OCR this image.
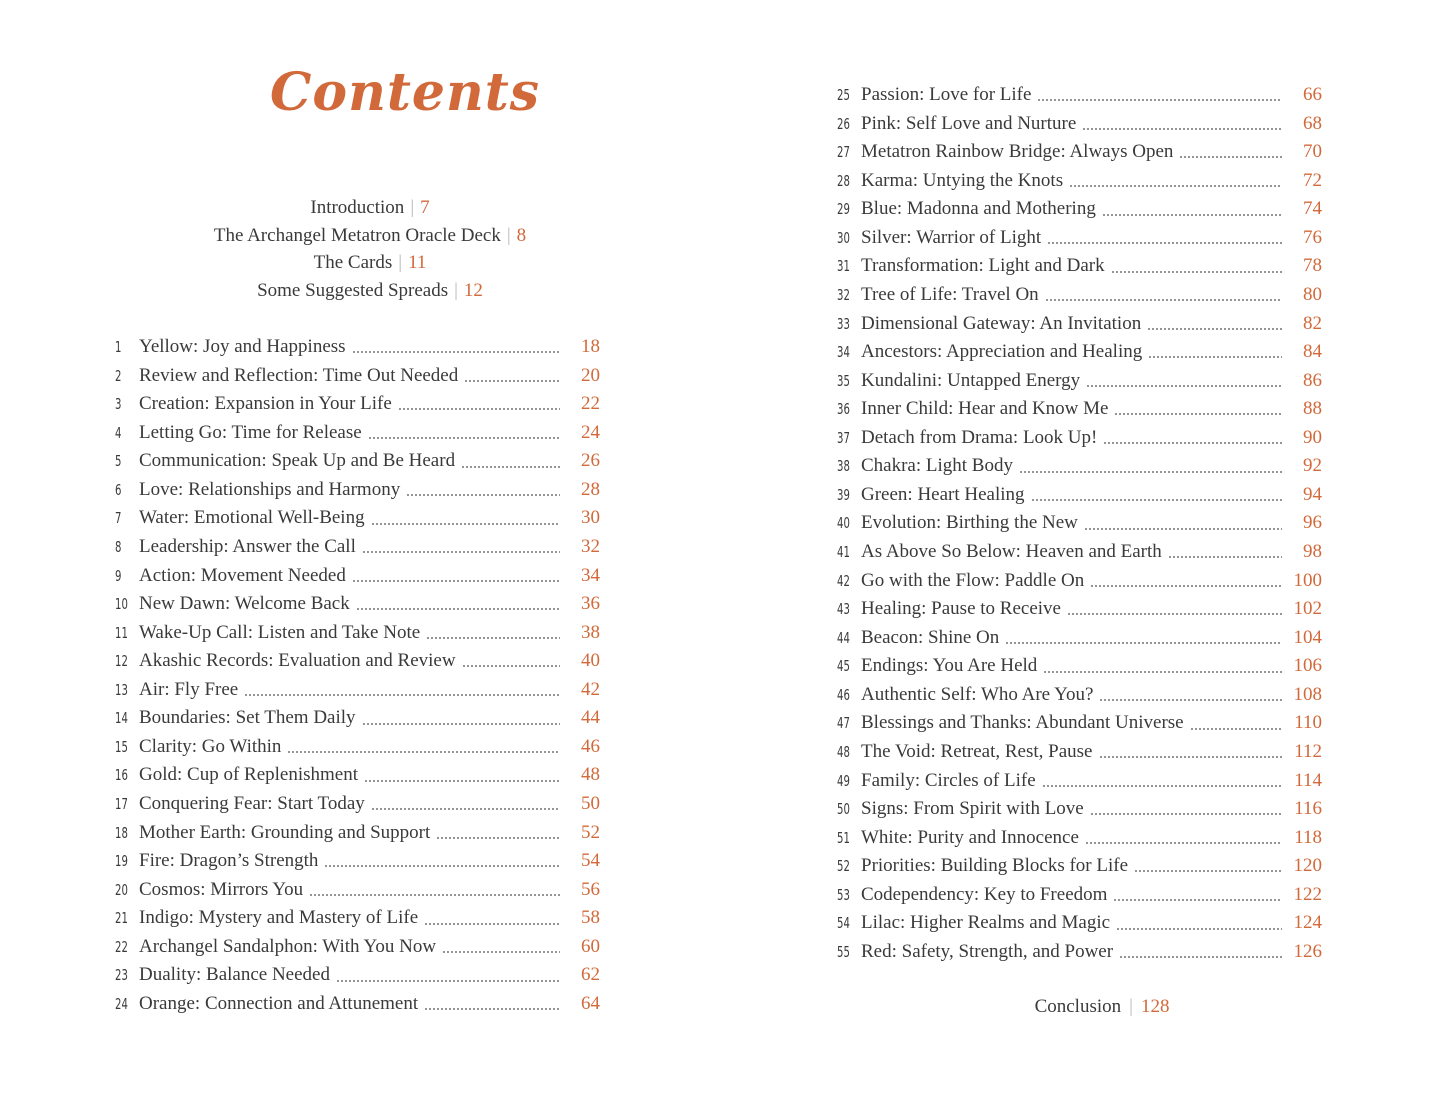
Contents
Introduction | 7
The Archangel Metatron Oracle Deck | 8
The Cards | 11
Some Suggested Spreads | 12
1 Yellow: Joy and Happiness	18
2 Review and Reflection: Time Out Needed	20
3 Creation: Expansion in Your Life	22
4 Letting Go: Time for Release	24
5 Communication: Speak Up and Be Heard	26
6 Love: Relationships and Harmony	28
7 Water: Emotional Well-Being	30
8 Leadership: Answer the Call	32
9 Action: Movement Needed	34
10 New Dawn: Welcome Back	36
11 Wake-Up Call: Listen and Take Note	38
12 Akashic Records: Evaluation and Review	40
13 Air: Fly Free	42
14 Boundaries: Set Them Daily	44
15 Clarity: Go Within	46
16 Gold: Cup of Replenishment	48
17 Conquering Fear: Start Today	50
18 Mother Earth: Grounding and Support	52
19 Fire: Dragon’s Strength	54
20 Cosmos: Mirrors You	56
21 Indigo: Mystery and Mastery of Life	58
22 Archangel Sandalphon: With You Now	60
23 Duality: Balance Needed	62
24 Orange: Connection and Attunement	64
25 Passion: Love for Life	66
26 Pink: Self Love and Nurture	68
27 Metatron Rainbow Bridge: Always Open	70
28 Karma: Untying the Knots	72
29 Blue: Madonna and Mothering	74
30 Silver: Warrior of Light	76
31 Transformation: Light and Dark	78
32 Tree of Life: Travel On	80
33 Dimensional Gateway: An Invitation	82
34 Ancestors: Appreciation and Healing	84
35 Kundalini: Untapped Energy	86
36 Inner Child: Hear and Know Me	88
37 Detach from Drama: Look Up!	90
38 Chakra: Light Body	92
39 Green: Heart Healing	94
40 Evolution: Birthing the New	96
41 As Above So Below: Heaven and Earth	98
42 Go with the Flow: Paddle On	100
43 Healing: Pause to Receive	102
44 Beacon: Shine On	104
45 Endings: You Are Held	106
46 Authentic Self: Who Are You?	108
47 Blessings and Thanks: Abundant Universe	110
48 The Void: Retreat, Rest, Pause	112
49 Family: Circles of Life	114
50 Signs: From Spirit with Love	116
51 White: Purity and Innocence	118
52 Priorities: Building Blocks for Life	120
53 Codependency: Key to Freedom	122
54 Lilac: Higher Realms and Magic	124
55 Red: Safety, Strength, and Power	126
Conclusion | 128
